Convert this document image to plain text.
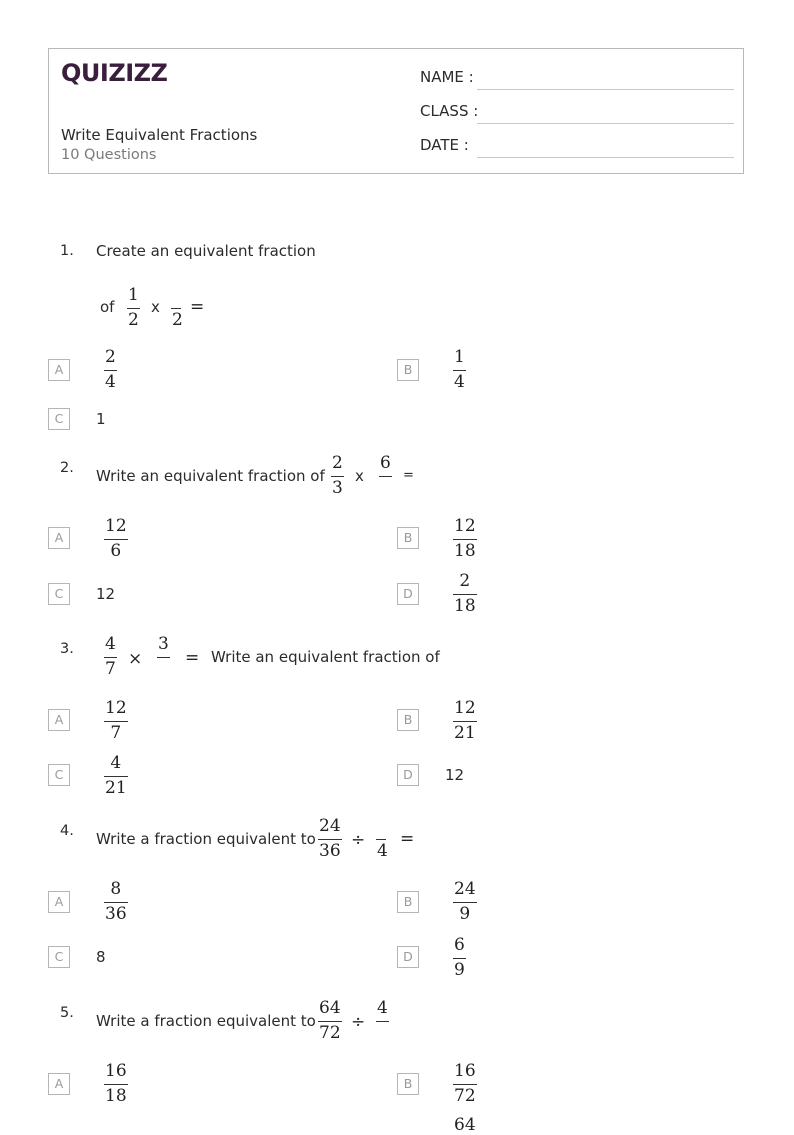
QUIZIZZ
Write Equivalent Fractions
10 Questions
NAME :
CLASS :
DATE :
1. Create an equivalent fraction
of
1
2
x
2
=
A
2
4
B
1
4
C	1
2. Write an equivalent fraction of
2
3
x
6
=
A
12
6
B
12
18
C	12	D
2
18
3. 4
7 ×
3
= Write an equivalent fraction of
A
12
7
B
12
21
C
4
21
D	12
4. Write a fraction equivalent to
24
36
÷
4
=
A
8
36
B
24
9
C	8	D
6
9
5. Write a fraction equivalent to
64
72
÷
4
A
16
18
B
16
72
64
